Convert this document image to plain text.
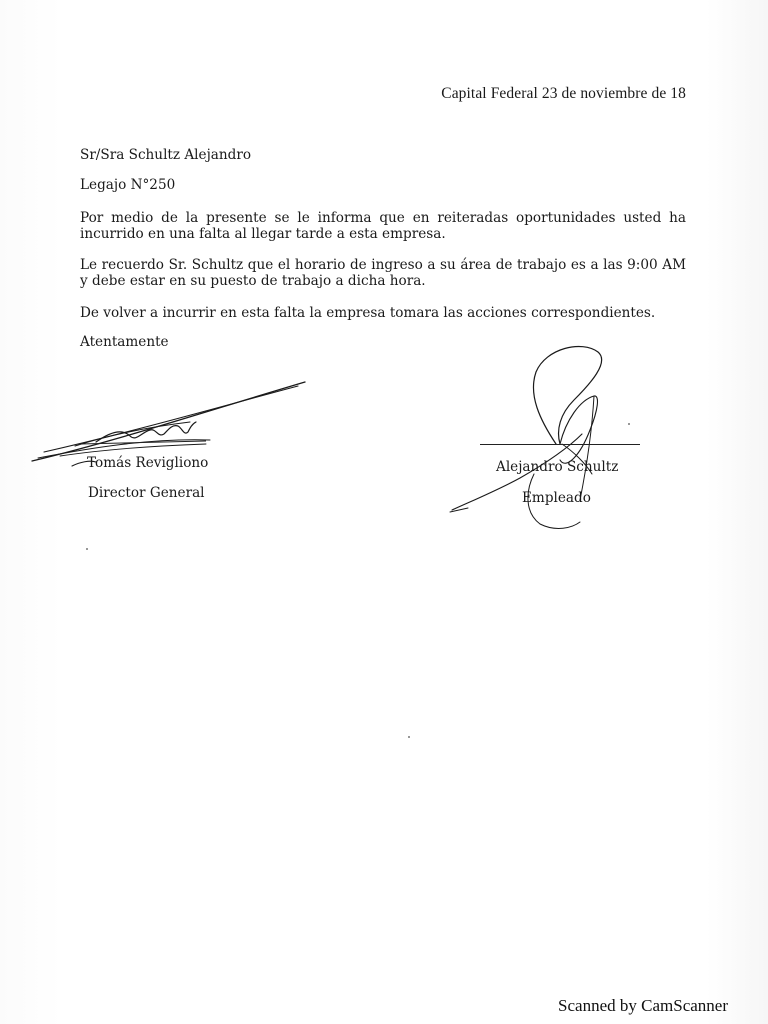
Capital Federal 23 de noviembre de 18
Sr/Sra Schultz Alejandro
Legajo N°250
Por medio de la presente se le informa que en reiteradas oportunidades usted ha incurrido en una falta al llegar tarde a esta empresa.
Le recuerdo Sr. Schultz que el horario de ingreso a su área de trabajo es a las 9:00 AM y debe estar en su puesto de trabajo a dicha hora.
De volver a incurrir en esta falta la empresa tomara las acciones correspondientes.
Atentamente
Tomás Revigliono
Director General
Alejandro Schultz
Empleado
Scanned by CamScanner
